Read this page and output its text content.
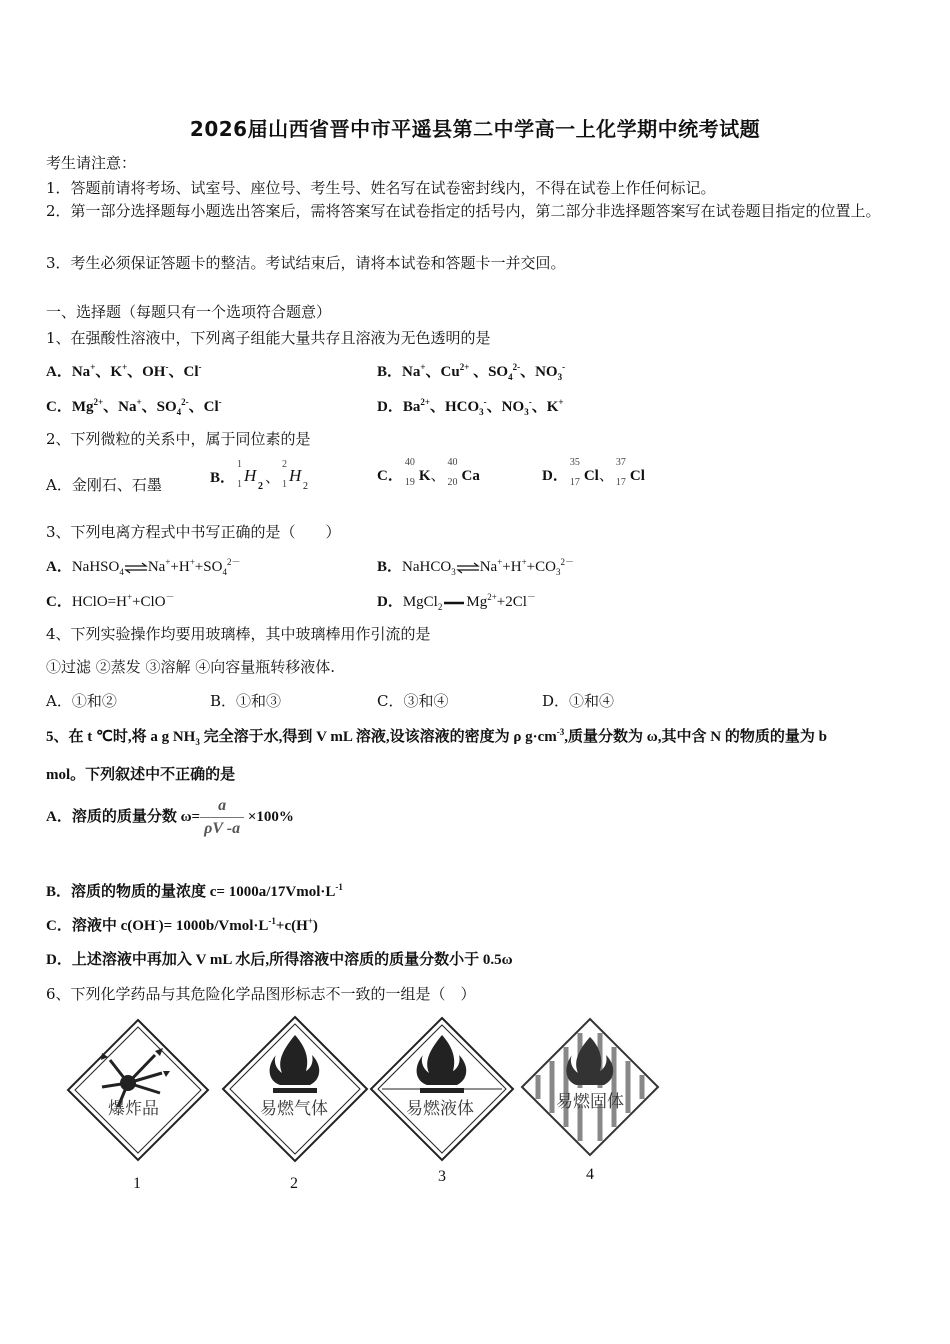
2026届山西省晋中市平遥县第二中学高一上化学期中统考试题
考生请注意：
1．答题前请将考场、试室号、座位号、考生号、姓名写在试卷密封线内，不得在试卷上作任何标记。
2．第一部分选择题每小题选出答案后，需将答案写在试卷指定的括号内，第二部分非选择题答案写在试卷题目指定的位置上。
3．考生必须保证答题卡的整洁。考试结束后，请将本试卷和答题卡一并交回。
一、选择题（每题只有一个选项符合题意）
1、在强酸性溶液中，下列离子组能大量共存且溶液为无色透明的是
A．Na+、K+、OH-、Cl-	B．Na+、$Cu^{2+}$ 、$SO_4^{2-}$、$NO_3^-$
C．$Mg^{2+}$、Na+、$SO_4^{2-}$、Cl-	D．$Ba^{2+}$、$HCO_3^-$、$NO_3^-$、K+
2、下列微粒的关系中，属于同位素的是
A．金刚石、石墨	B．
1
1 H
2
、
2
1 H
2
C．
40
19 K、
40
20 Ca	D．
35
17 Cl、
37
17 Cl
3、下列电离方程式中书写正确的是（　　）
A．$NaHSO_4\rightleftharpoons Na^++H^++SO_4^{2-}$	B．$NaHCO_3\rightleftharpoons Na^++H^++CO_3^{2-}$
C．HClO=H++ClO－	D．MgCl$_2$ $Mg^{2+}+2Cl^-$
4、下列实验操作均要用玻璃棒，其中玻璃棒用作引流的是
①过滤 ②蒸发 ③溶解 ④向容量瓶转移液体.
A．①和②	B．①和③	C．③和④	D．①和④
5、在 t ℃时,将 a g $NH_3$ 完全溶于水,得到 V mL 溶液,设该溶液的密度为 ρ $g\cdot cm^{-3}$,质量分数为 ω,其中含 N 的物质的量为 b
mol。下列叙述中不正确的是
A．溶质的质量分数 $\omega= \frac{a}{\rho V -a} \times 100\%$
B．溶质的物质的量浓度 $c= 1000a/17Vmol\cdot L^{-1}$
C．溶液中 $c(OH^-)= 1000b/Vmol\cdot L^{-1}+c(H^+)$
D．上述溶液中再加入 V mL 水后,所得溶液中溶质的质量分数小于 0.5ω
6、下列化学药品与其危险化学品图形标志不一致的一组是（　）
爆炸品	易燃气体	易燃液体	易燃固体
1	2	3	4
